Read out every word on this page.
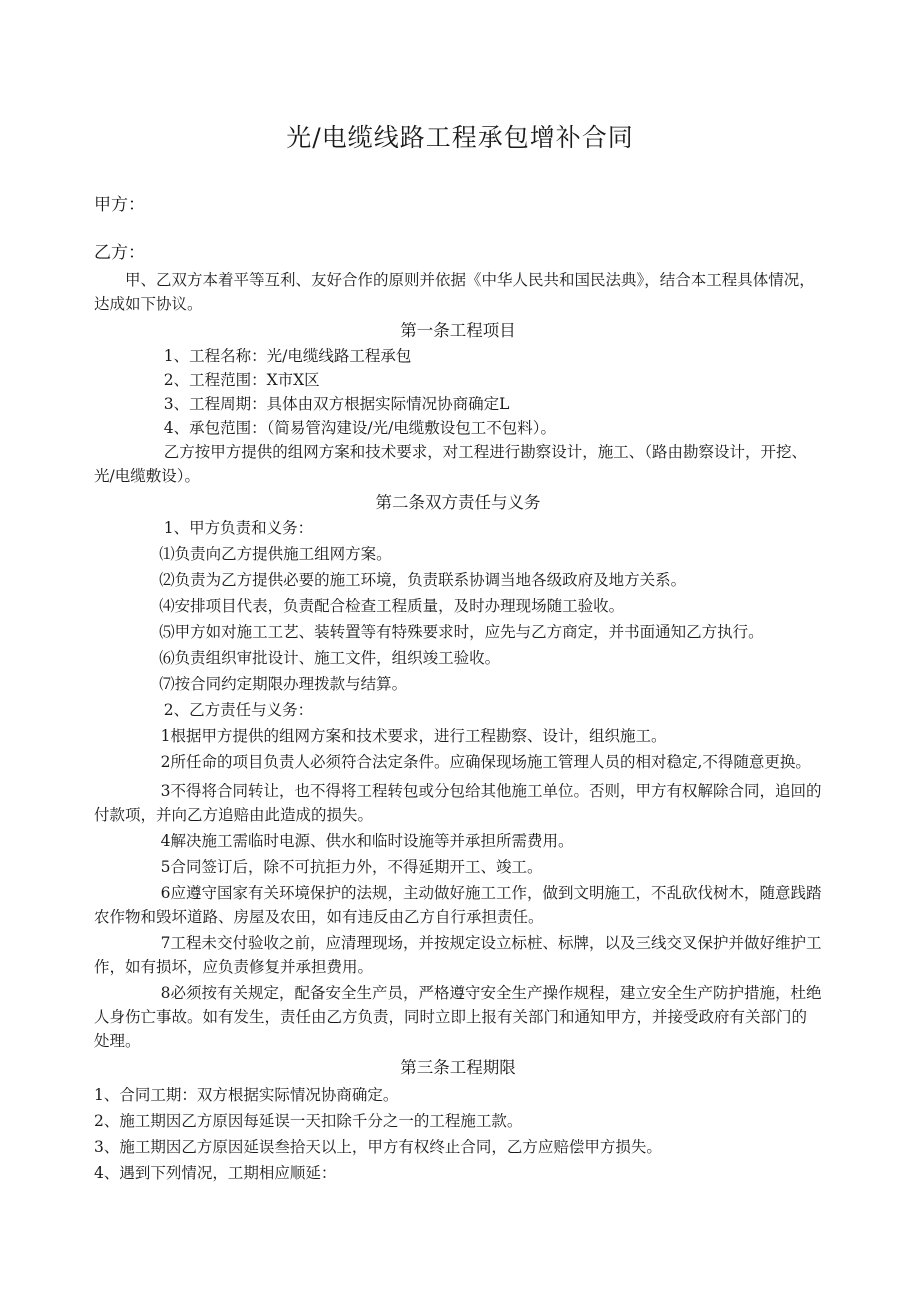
光/电缆线路工程承包增补合同
甲方：
乙方：

甲、乙双方本着平等互利、友好合作的原则并依据《中华人民共和国民法典》，结合本工程具体情况，达成如下协议。

第一条工程项目

1、工程名称：光/电缆线路工程承包

2、工程范围：X市X区

3、工程周期：具体由双方根据实际情况协商确定L

4、承包范围：（简易管沟建设/光/电缆敷设包工不包料）。

乙方按甲方提供的组网方案和技术要求，对工程进行勘察设计，施工、（路由勘察设计，开挖、光/电缆敷设）。

第二条双方责任与义务

1、甲方负责和义务：

⑴负责向乙方提供施工组网方案。

⑵负责为乙方提供必要的施工环境，负责联系协调当地各级政府及地方关系。

⑷安排项目代表，负责配合检查工程质量，及时办理现场随工验收。

⑸甲方如对施工工艺、装转置等有特殊要求时，应先与乙方商定，并书面通知乙方执行。

⑹负责组织审批设计、施工文件，组织竣工验收。

⑺按合同约定期限办理拨款与结算。

2、乙方责任与义务：

1根据甲方提供的组网方案和技术要求，进行工程勘察、设计，组织施工。

2所任命的项目负责人必须符合法定条件。应确保现场施工管理人员的相对稳定,不得随意更换。

3不得将合同转让，也不得将工程转包或分包给其他施工单位。否则，甲方有权解除合同，追回的付款项，并向乙方追赔由此造成的损失。

4解决施工需临时电源、供水和临时设施等并承担所需费用。

5合同签订后，除不可抗拒力外，不得延期开工、竣工。

6应遵守国家有关环境保护的法规，主动做好施工工作，做到文明施工，不乱砍伐树木，随意践踏农作物和毁坏道路、房屋及农田，如有违反由乙方自行承担责任。

7工程未交付验收之前，应清理现场，并按规定设立标桩、标牌，以及三线交叉保护并做好维护工作，如有损坏，应负责修复并承担费用。

8必须按有关规定，配备安全生产员，严格遵守安全生产操作规程，建立安全生产防护措施，杜绝人身伤亡事故。如有发生，责任由乙方负责，同时立即上报有关部门和通知甲方，并接受政府有关部门的处理。

第三条工程期限

1、合同工期：双方根据实际情况协商确定。

2、施工期因乙方原因每延误一天扣除千分之一的工程施工款。

3、施工期因乙方原因延误叁拾天以上，甲方有权终止合同，乙方应赔偿甲方损失。

4、遇到下列情况，工期相应顺延：
